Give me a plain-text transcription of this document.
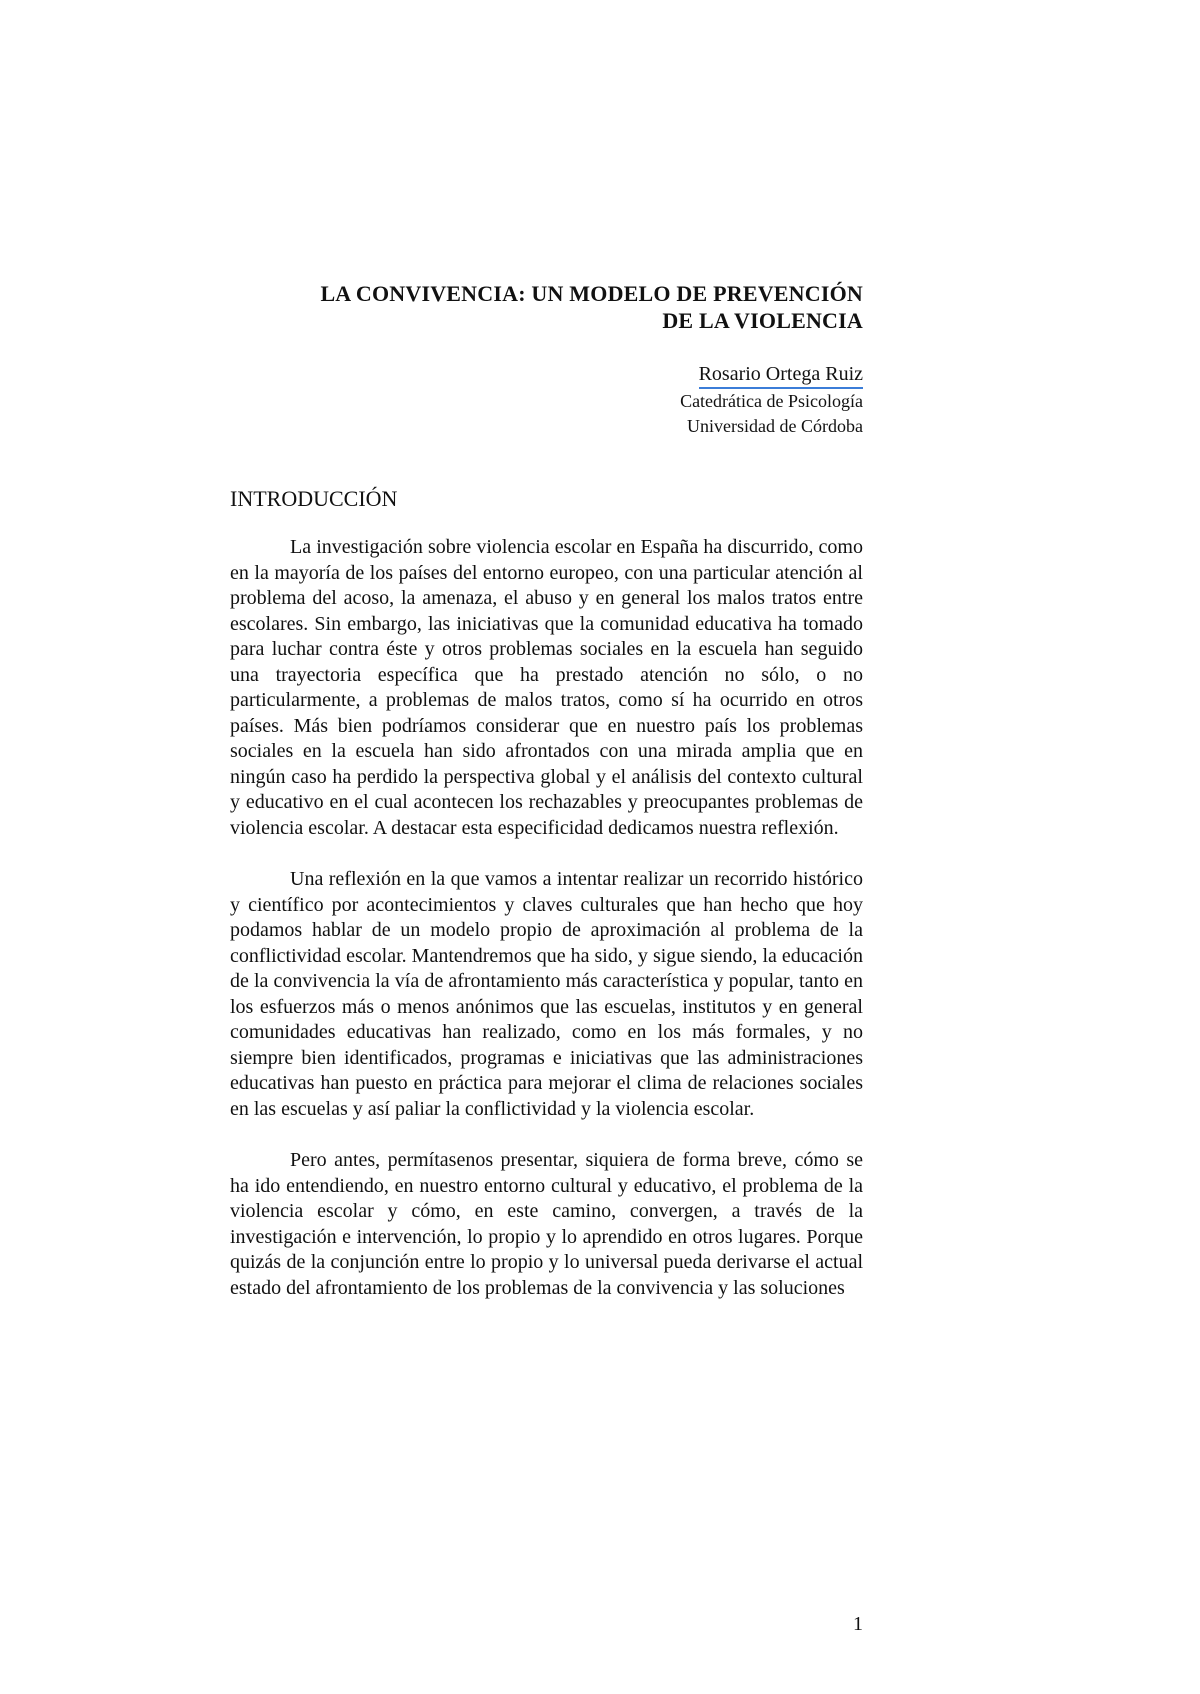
LA CONVIVENCIA: UN MODELO DE PREVENCIÓN
DE LA VIOLENCIA
Rosario Ortega Ruiz
Catedrática de Psicología
Universidad de Córdoba
INTRODUCCIÓN

La investigación sobre violencia escolar en España ha discurrido, como en la mayoría de los países del entorno europeo, con una particular atención al problema del acoso, la amenaza, el abuso y en general los malos tratos entre escolares. Sin embargo, las iniciativas que la comunidad educativa ha tomado para luchar contra éste y otros problemas sociales en la escuela han seguido una trayectoria específica que ha prestado atención no sólo, o no particularmente, a problemas de malos tratos, como sí ha ocurrido en otros países. Más bien podríamos considerar que en nuestro país los problemas sociales en la escuela han sido afrontados con una mirada amplia que en ningún caso ha perdido la perspectiva global y el análisis del contexto cultural y educativo en el cual acontecen los rechazables y preocupantes problemas de violencia escolar. A destacar esta especificidad dedicamos nuestra reflexión.

Una reflexión en la que vamos a intentar realizar un recorrido histórico y científico por acontecimientos y claves culturales que han hecho que hoy podamos hablar de un modelo propio de aproximación al problema de la conflictividad escolar. Mantendremos que ha sido, y sigue siendo, la educación de la convivencia la vía de afrontamiento más característica y popular, tanto en los esfuerzos más o menos anónimos que las escuelas, institutos y en general comunidades educativas han realizado, como en los más formales, y no siempre bien identificados, programas e iniciativas que las administraciones educativas han puesto en práctica para mejorar el clima de relaciones sociales en las escuelas y así paliar la conflictividad y la violencia escolar.

Pero antes, permítasenos presentar, siquiera de forma breve, cómo se ha ido entendiendo, en nuestro entorno cultural y educativo, el problema de la violencia escolar y cómo, en este camino, convergen, a través de la investigación e intervención, lo propio y lo aprendido en otros lugares. Porque quizás de la conjunción entre lo propio y lo universal pueda derivarse el actual estado del afrontamiento de los problemas de la convivencia y las soluciones

1
